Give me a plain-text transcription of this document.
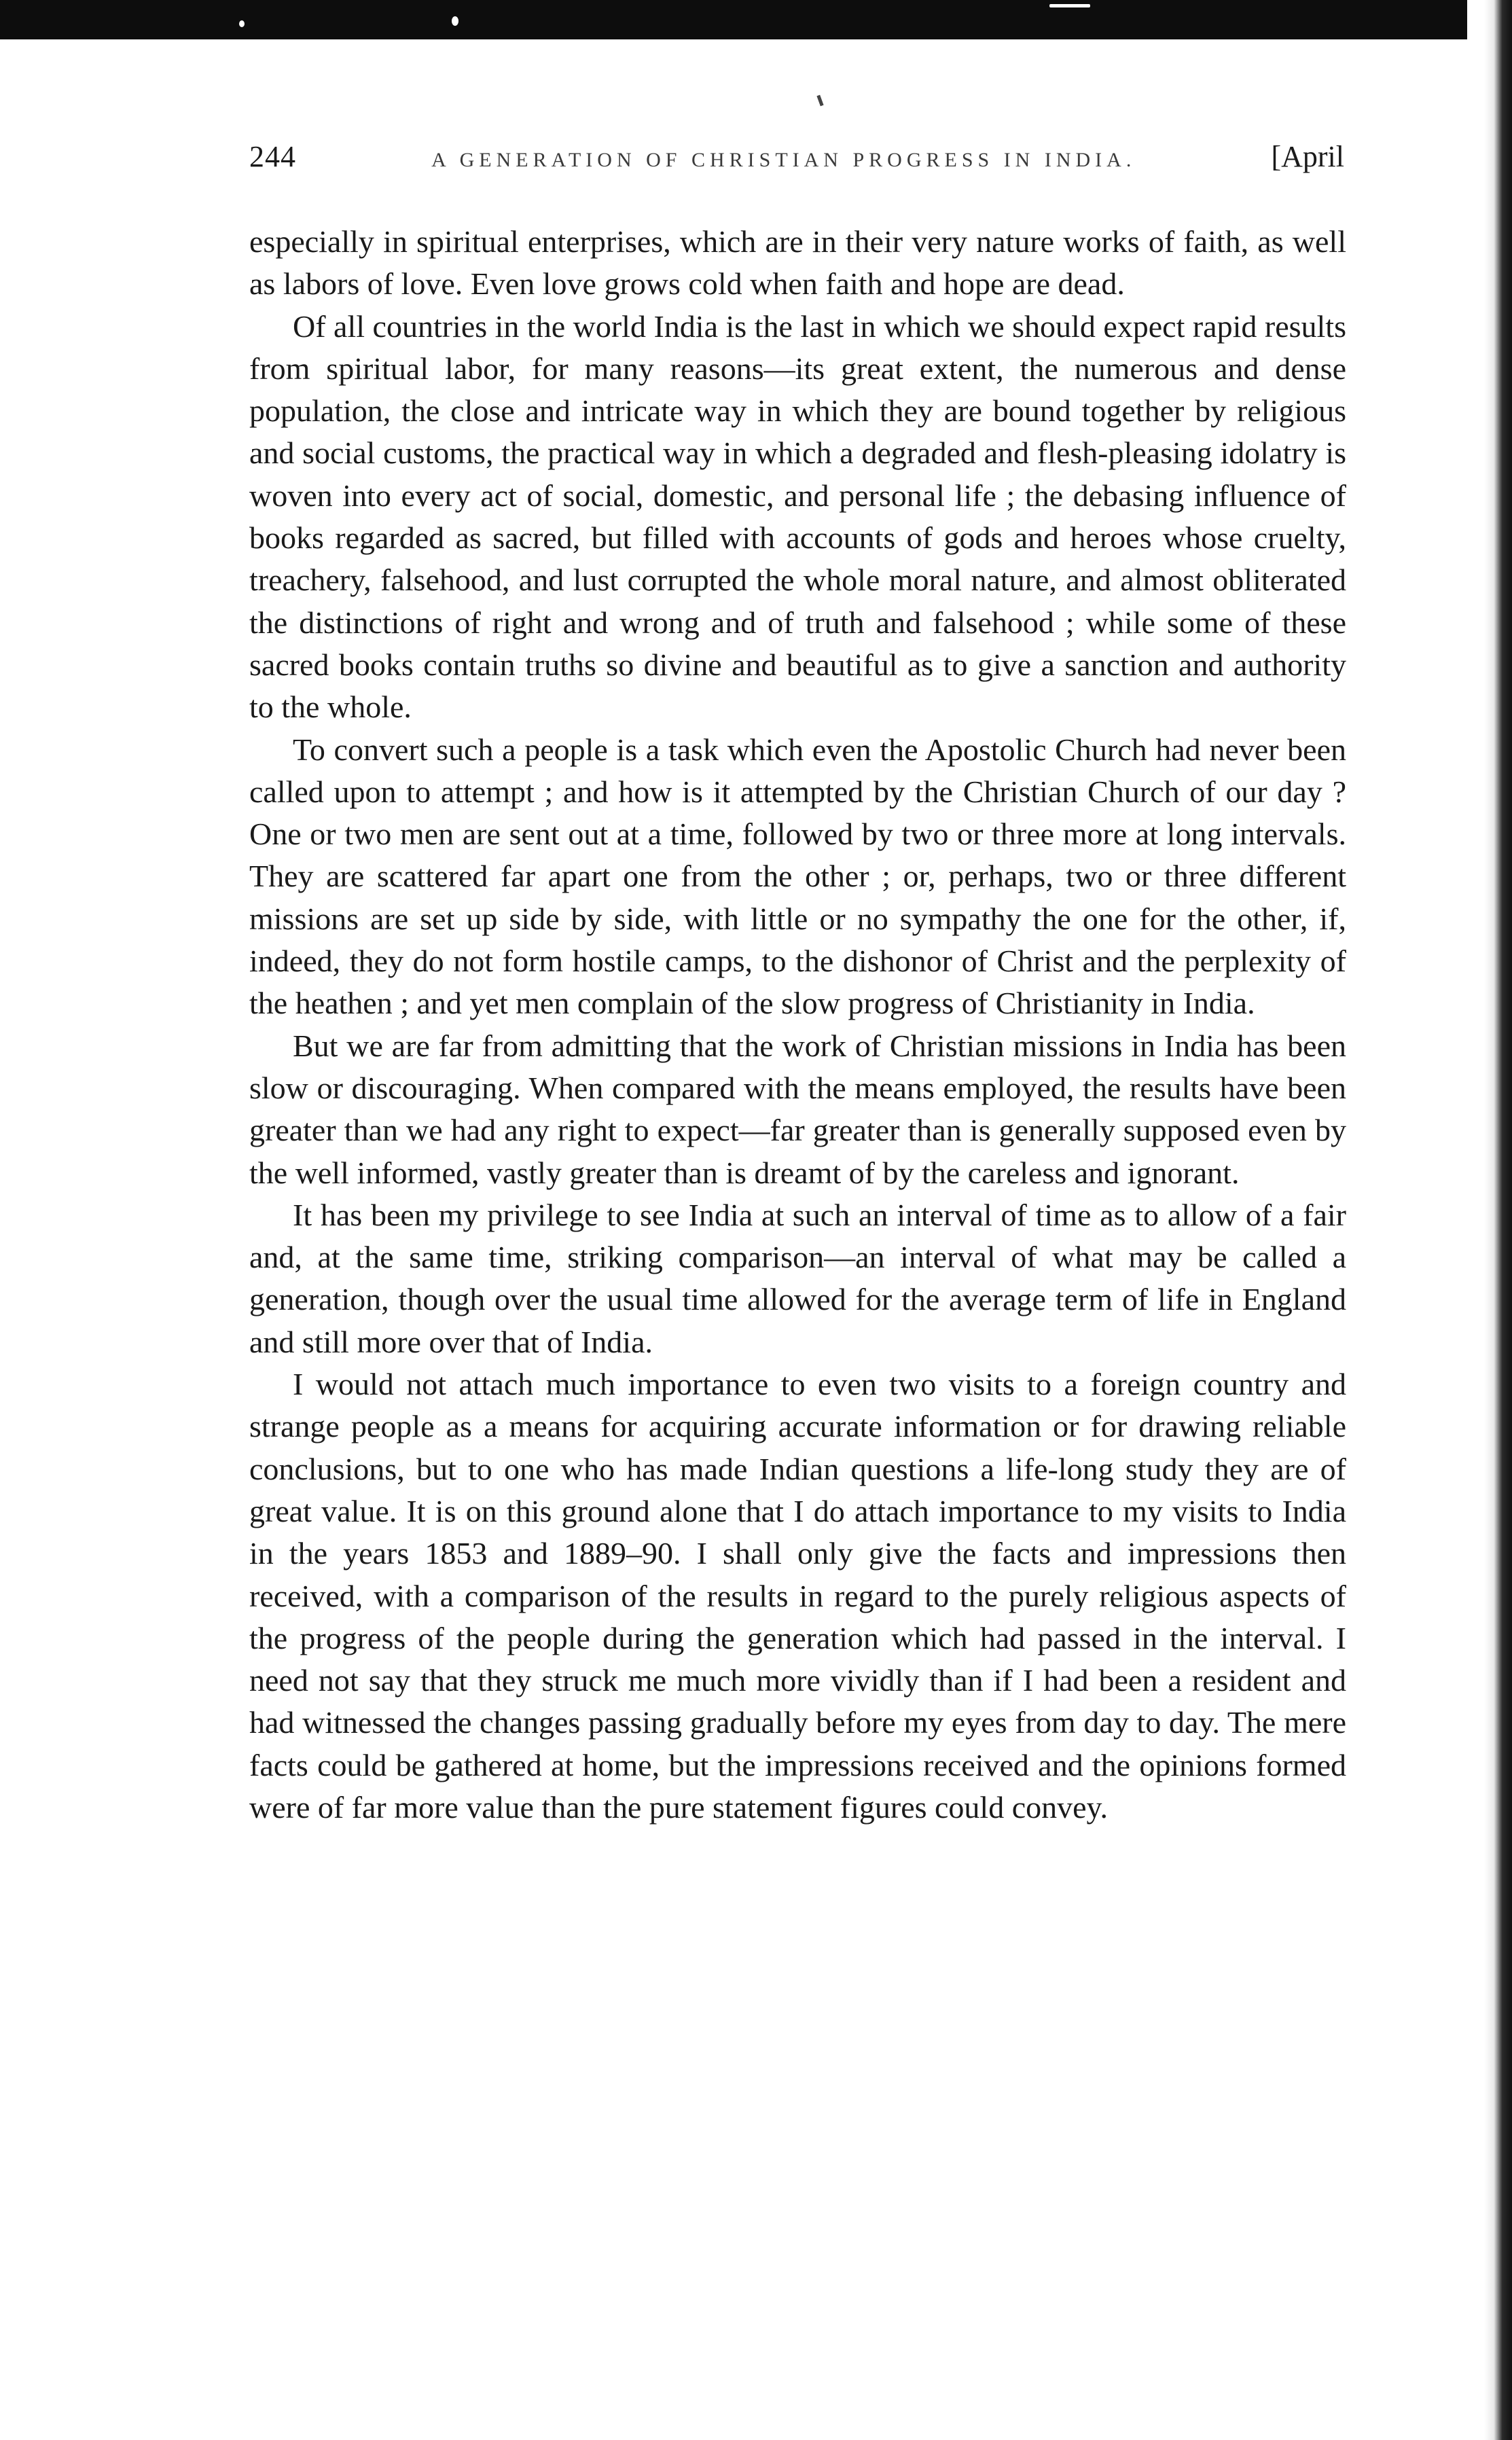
244	A GENERATION OF CHRISTIAN PROGRESS IN INDIA.	[April

especially in spiritual enterprises, which are in their very nature works of faith, as well as labors of love. Even love grows cold when faith and hope are dead.

Of all countries in the world India is the last in which we should expect rapid results from spiritual labor, for many reasons—its great extent, the numerous and dense population, the close and intricate way in which they are bound together by religious and social customs, the practical way in which a degraded and flesh-pleasing idolatry is woven into every act of social, domestic, and personal life ; the debasing influence of books regarded as sacred, but filled with accounts of gods and heroes whose cruelty, treachery, falsehood, and lust corrupted the whole moral nature, and almost obliterated the distinctions of right and wrong and of truth and falsehood ; while some of these sacred books contain truths so divine and beautiful as to give a sanction and authority to the whole.

To convert such a people is a task which even the Apostolic Church had never been called upon to attempt ; and how is it attempted by the Christian Church of our day ? One or two men are sent out at a time, followed by two or three more at long intervals. They are scattered far apart one from the other ; or, perhaps, two or three different missions are set up side by side, with little or no sympathy the one for the other, if, indeed, they do not form hostile camps, to the dishonor of Christ and the perplexity of the heathen ; and yet men complain of the slow progress of Christianity in India.

But we are far from admitting that the work of Christian missions in India has been slow or discouraging. When compared with the means employed, the results have been greater than we had any right to expect—far greater than is generally supposed even by the well informed, vastly greater than is dreamt of by the careless and ignorant.

It has been my privilege to see India at such an interval of time as to allow of a fair and, at the same time, striking comparison—an interval of what may be called a generation, though over the usual time allowed for the average term of life in England and still more over that of India.

I would not attach much importance to even two visits to a foreign country and strange people as a means for acquiring accurate information or for drawing reliable conclusions, but to one who has made Indian questions a life-long study they are of great value. It is on this ground alone that I do attach importance to my visits to India in the years 1853 and 1889–90. I shall only give the facts and impressions then received, with a comparison of the results in regard to the purely religious aspects of the progress of the people during the generation which had passed in the interval. I need not say that they struck me much more vividly than if I had been a resident and had witnessed the changes passing gradually before my eyes from day to day. The mere facts could be gathered at home, but the impressions received and the opinions formed were of far more value than the pure statement figures could convey.
